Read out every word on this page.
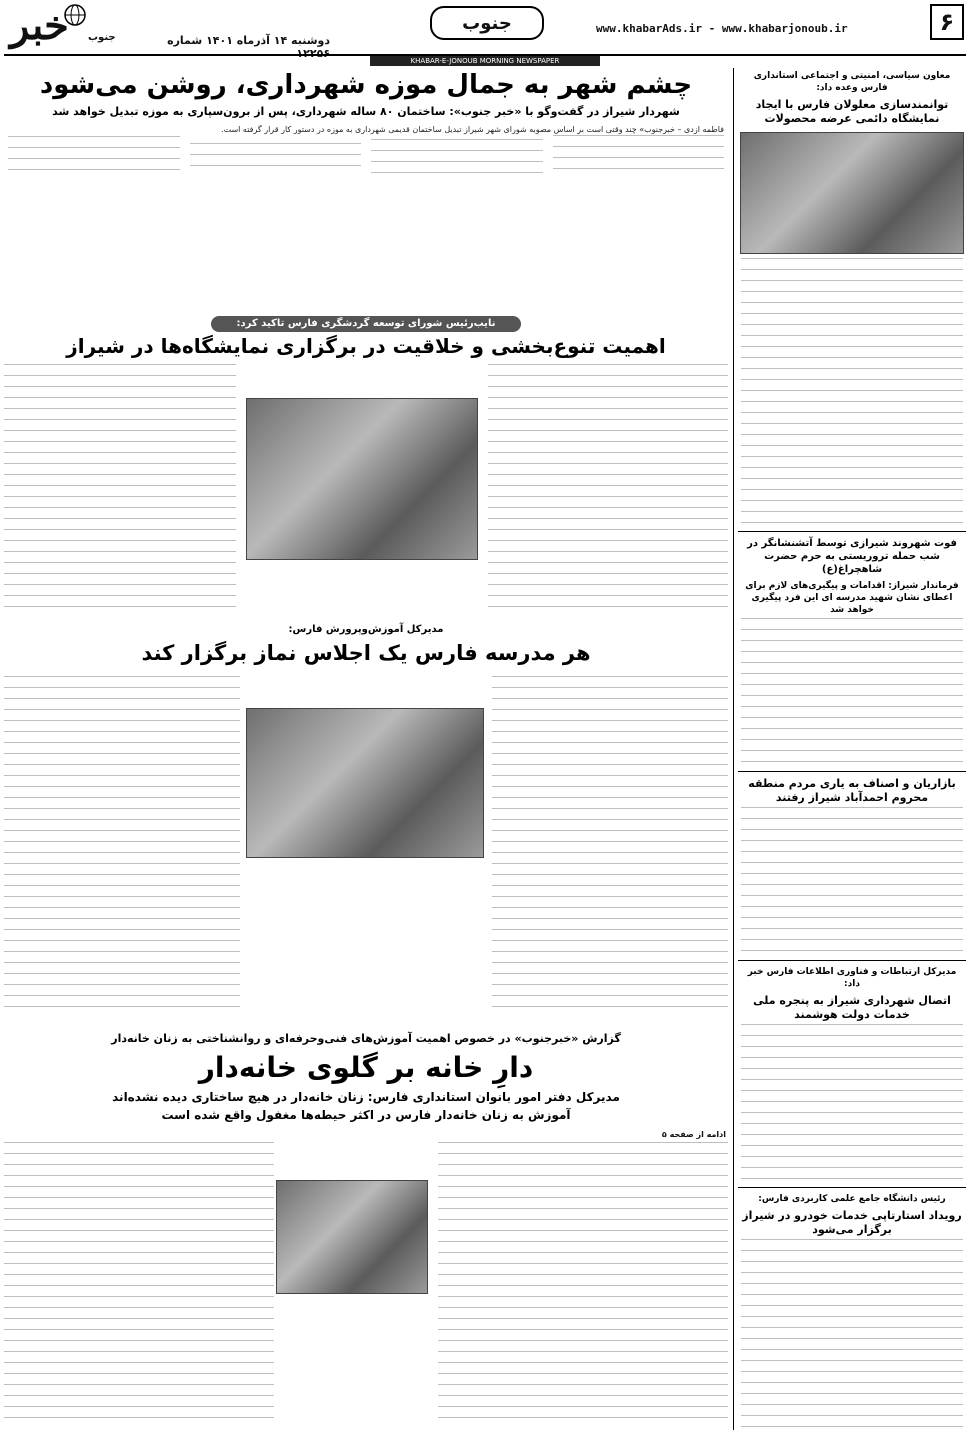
۶
www.khabarAds.ir - www.khabarjonoub.ir
جنوب
دوشنبه ۱۴ آذرماه ۱۴۰۱ شماره
خبر جنوب
KHABAR-E-JONOUB MORNING NEWSPAPER
معاون سیاسی، امنیتی و اجتماعی استانداری فارس وعده داد:
توانمندسازی معلولان فارس با ایجاد نمایشگاه دائمی عرضه محصولات
فوت شهروند شیرازی توسط آتشنشانگر در شب حمله تروریستی به حرم حضرت شاهچراغ(ع)
فرماندار شیراز: اقدامات و پیگیری‌های لازم برای اعطای نشان شهید مدرسه ای این فرد پیگیری خواهد شد
بازاریان و اصناف به یاری مردم منطقه محروم احمدآباد شیراز رفتند
مدیرکل ارتباطات و فناوری اطلاعات فارس خبر داد:
اتصال شهرداری شیراز به پنجره ملی خدمات دولت هوشمند
رئیس دانشگاه جامع علمی کاربردی فارس:
رویداد استارتاپی خدمات خودرو در شیراز برگزار می‌شود
چشم شهر به جمال موزه شهرداری، روشن می‌شود
شهردار شیراز در گفت‌وگو با «خبر جنوب»: ساختمان ۸۰ ساله شهرداری، پس از برون‌سپاری به موزه تبدیل خواهد شد
فاطمه ازدی – خبرجنوب» چند وقتی است بر اساس مصوبه شورای شهر شیراز تبدیل ساختمان قدیمی شهرداری به موزه در دستور کار قرار گرفته است.
نایب‌رئیس شورای توسعه گردشگری فارس تاکید کرد:
اهمیت تنوع‌بخشی و خلاقیت در برگزاری نمایشگاه‌ها در شیراز
مدیرکل آموزش‌وپرورش فارس:
هر مدرسه فارس یک اجلاس نماز برگزار کند
گزارش «خبرجنوب» در خصوص اهمیت آموزش‌های فنی‌وحرفه‌ای و روانشناختی به زنان خانه‌دار
دارِ خانه بر گلوی خانه‌دار
مدیرکل دفتر امور بانوان استانداری فارس: زنان خانه‌دار در هیچ ساختاری دیده نشده‌اند
آموزش به زنان خانه‌دار فارس در اکثر حیطه‌ها مغفول واقع شده است
ادامه از صفحه ۵
